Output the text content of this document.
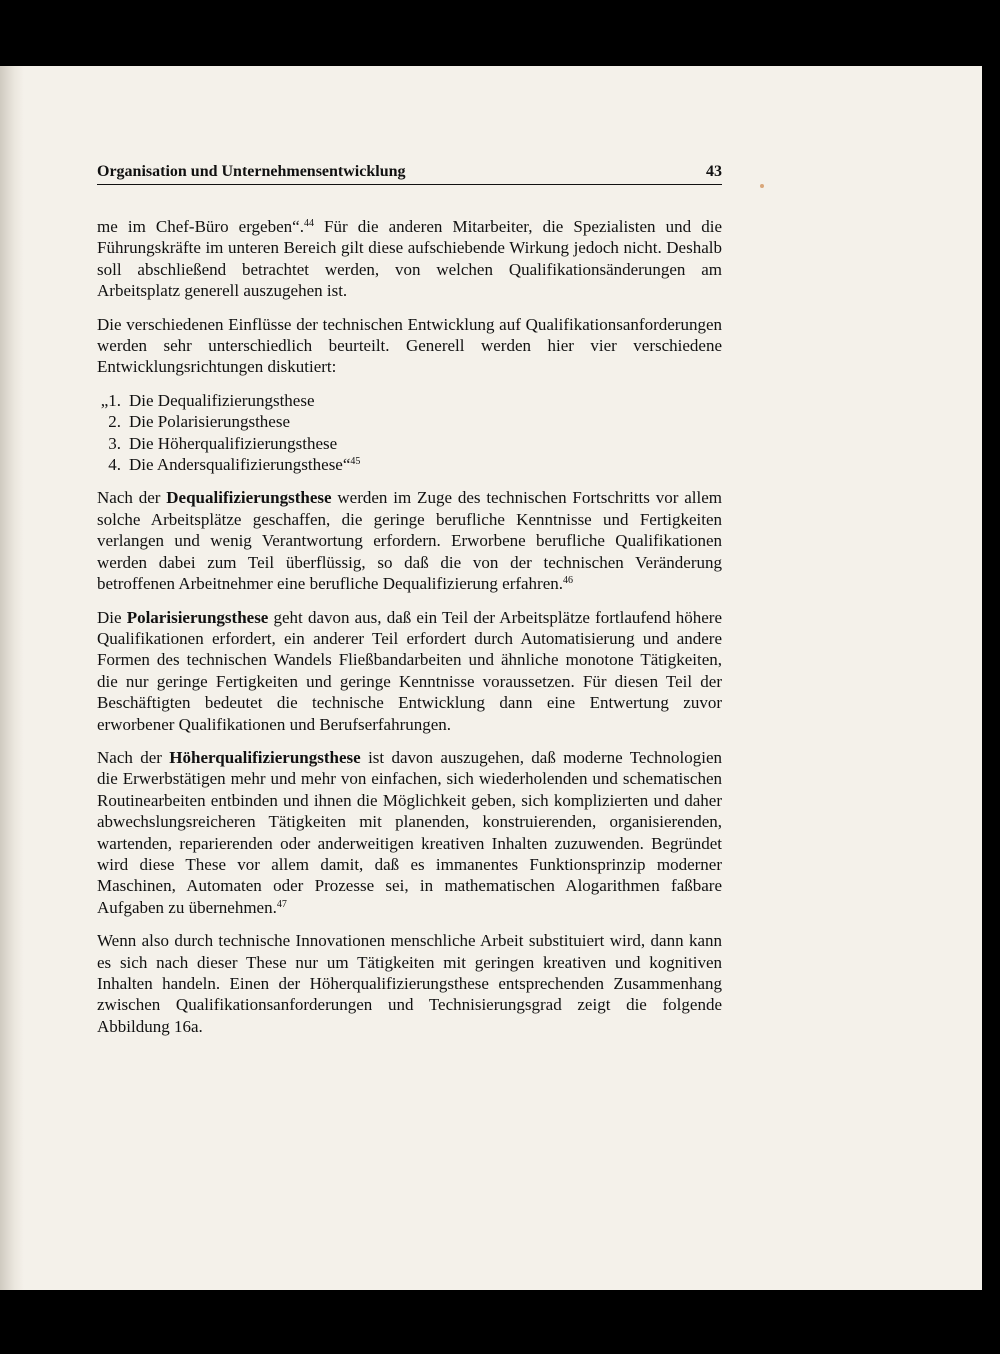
Organisation und Unternehmensentwicklung	43

me im Chef-Büro ergeben“.$^{44}$ Für die anderen Mitarbeiter, die Spezialisten und die Führungskräfte im unteren Bereich gilt diese aufschiebende Wirkung jedoch nicht. Deshalb soll abschließend betrachtet werden, von welchen Qualifikationsänderungen am Arbeitsplatz generell auszugehen ist.

Die verschiedenen Einflüsse der technischen Entwicklung auf Qualifikationsanforderungen werden sehr unterschiedlich beurteilt. Generell werden hier vier verschiedene Entwicklungsrichtungen diskutiert:

„1. Die Dequalifizierungsthese
2. Die Polarisierungsthese
3. Die Höherqualifizierungsthese
4. Die Andersqualifizierungsthese“$^{45}$

Nach der Dequalifizierungsthese werden im Zuge des technischen Fortschritts vor allem solche Arbeitsplätze geschaffen, die geringe berufliche Kenntnisse und Fertigkeiten verlangen und wenig Verantwortung erfordern. Erworbene berufliche Qualifikationen werden dabei zum Teil überflüssig, so daß die von der technischen Veränderung betroffenen Arbeitnehmer eine berufliche Dequalifizierung erfahren.$^{46}$

Die Polarisierungsthese geht davon aus, daß ein Teil der Arbeitsplätze fortlaufend höhere Qualifikationen erfordert, ein anderer Teil erfordert durch Automatisierung und andere Formen des technischen Wandels Fließbandarbeiten und ähnliche monotone Tätigkeiten, die nur geringe Fertigkeiten und geringe Kenntnisse voraussetzen. Für diesen Teil der Beschäftigten bedeutet die technische Entwicklung dann eine Entwertung zuvor erworbener Qualifikationen und Berufserfahrungen.

Nach der Höherqualifizierungsthese ist davon auszugehen, daß moderne Technologien die Erwerbstätigen mehr und mehr von einfachen, sich wiederholenden und schematischen Routinearbeiten entbinden und ihnen die Möglichkeit geben, sich komplizierten und daher abwechslungsreicheren Tätigkeiten mit planenden, konstruierenden, organisierenden, wartenden, reparierenden oder anderweitigen kreativen Inhalten zuzuwenden. Begründet wird diese These vor allem damit, daß es immanentes Funktionsprinzip moderner Maschinen, Automaten oder Prozesse sei, in mathematischen Alogarithmen faßbare Aufgaben zu übernehmen.$^{47}$

Wenn also durch technische Innovationen menschliche Arbeit substituiert wird, dann kann es sich nach dieser These nur um Tätigkeiten mit geringen kreativen und kognitiven Inhalten handeln. Einen der Höherqualifizierungsthese entsprechenden Zusammenhang zwischen Qualifikationsanforderungen und Technisierungsgrad zeigt die folgende Abbildung 16a.
